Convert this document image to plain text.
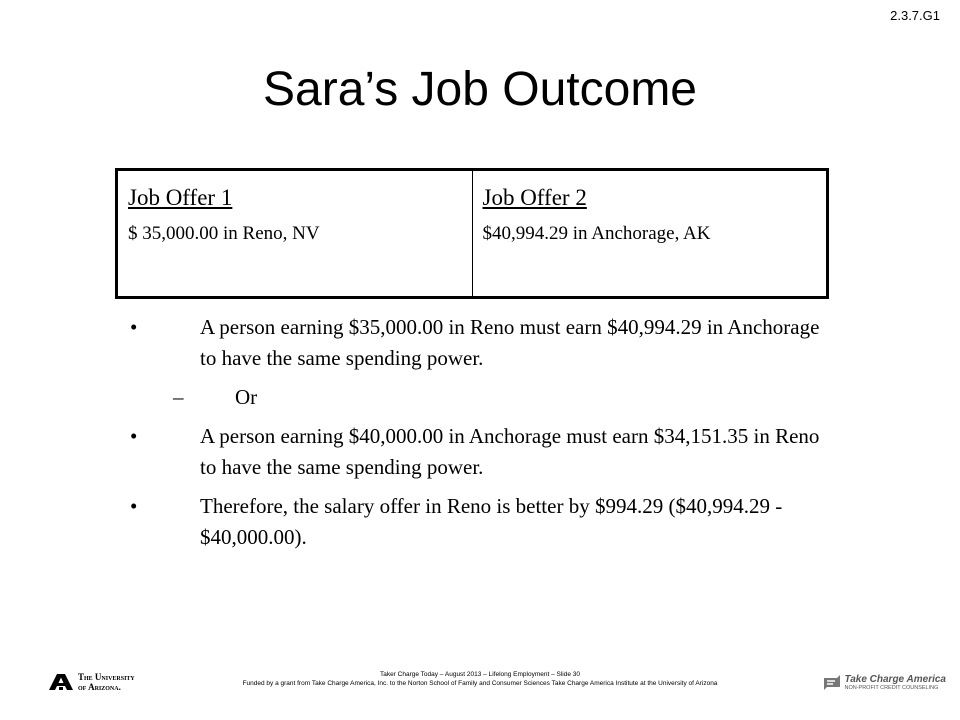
2.3.7.G1
Sara’s Job Outcome
Job Offer 1
$ 35,000.00 in Reno, NV
Job Offer 2
$40,994.29 in Anchorage, AK
•	A person earning $35,000.00 in Reno must earn $40,994.29 in Anchorage to have the same spending power.
–	Or
•	A person earning $40,000.00 in Anchorage must earn $34,151.35 in Reno to have the same spending power.
•	Therefore, the salary offer in Reno is better by $994.29 ($40,994.29 - $40,000.00).
The University
of Arizona.
Taker Charge Today – August 2013 – Lifelong Employment – Slide 30
Funded by a grant from Take Charge America, Inc. to the Norton School of Family and Consumer Sciences Take Charge America Institute at the University of Arizona	Take Charge America
NON-PROFIT CREDIT COUNSELING
